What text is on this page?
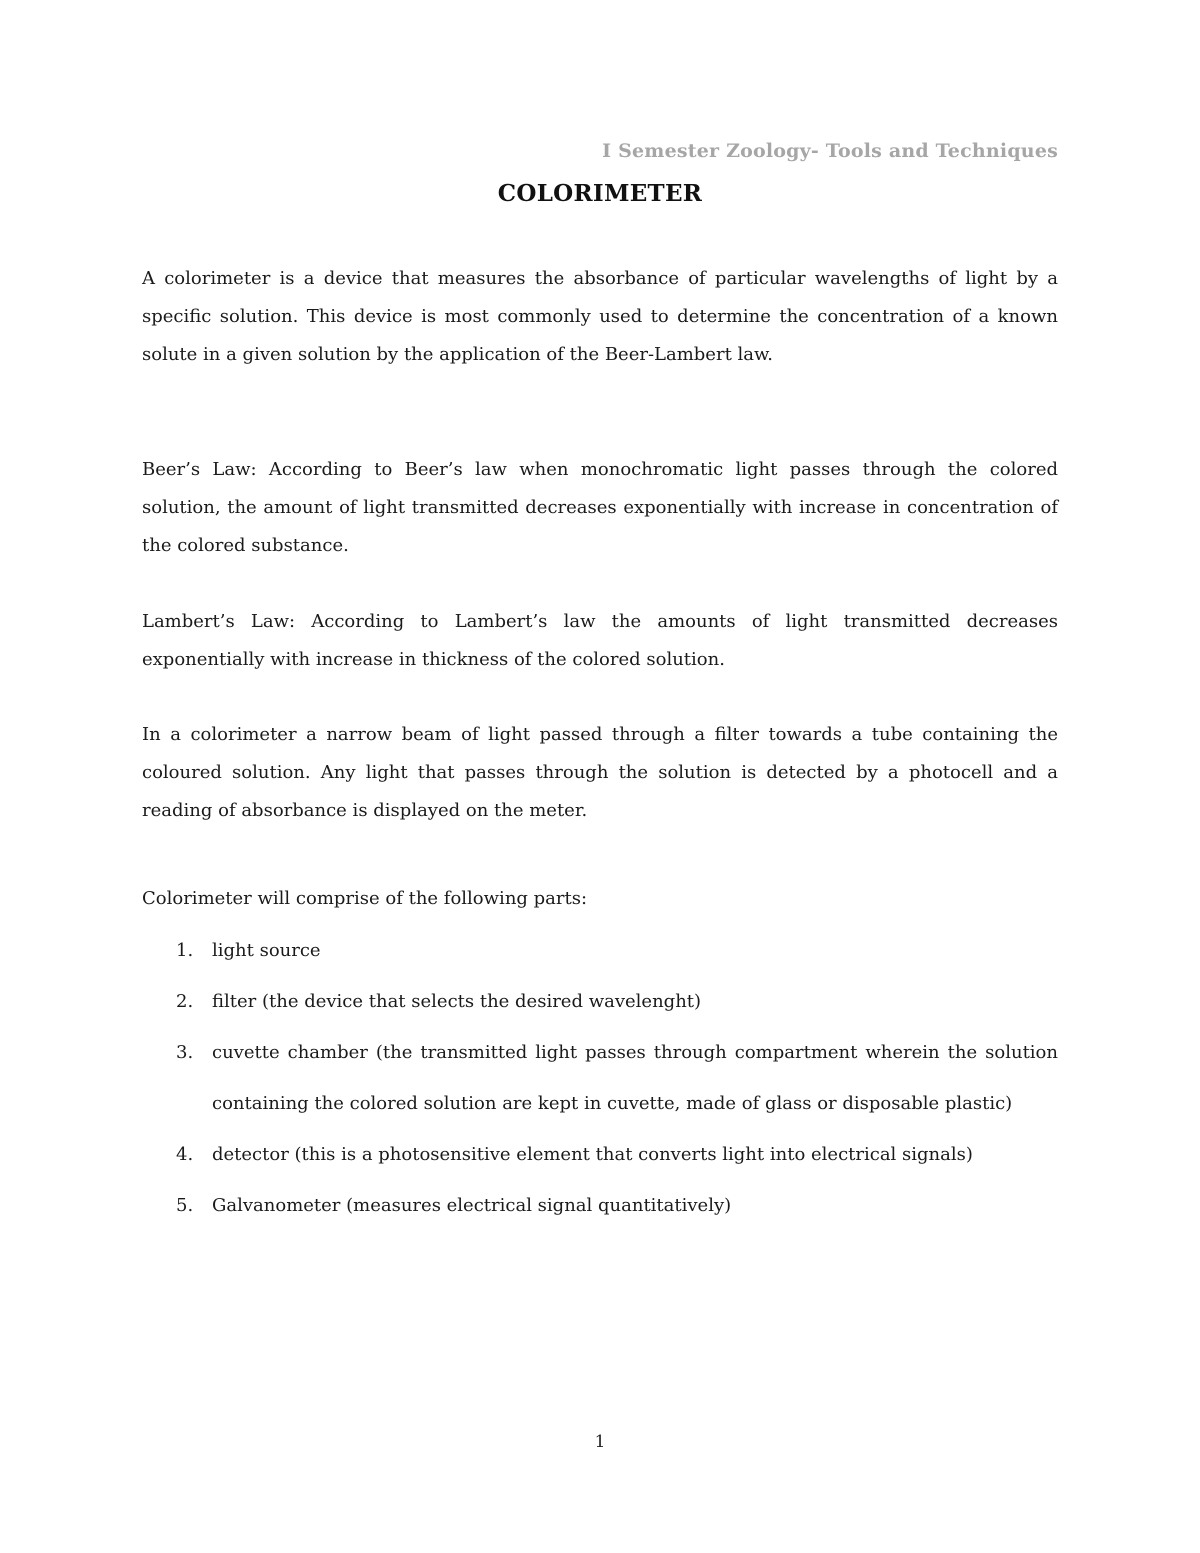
I Semester Zoology- Tools and Techniques
COLORIMETER

A colorimeter is a device that measures the absorbance of particular wavelengths of light by a specific solution. This device is most commonly used to determine the concentration of a known solute in a given solution by the application of the Beer-Lambert law.

Beer’s Law: According to Beer’s law when monochromatic light passes through the colored solution, the amount of light transmitted decreases exponentially with increase in concentration of the colored substance.

Lambert’s Law: According to Lambert’s law the amounts of light transmitted decreases exponentially with increase in thickness of the colored solution.

In a colorimeter a narrow beam of light passed through a filter towards a tube containing the coloured solution. Any light that passes through the solution is detected by a photocell and a reading of absorbance is displayed on the meter.

Colorimeter will comprise of the following parts:

1. light source
2. filter (the device that selects the desired wavelenght)
3. cuvette chamber (the transmitted light passes through compartment wherein the solution containing the colored solution are kept in cuvette, made of glass or disposable plastic)
4. detector (this is a photosensitive element that converts light into electrical signals)
5. Galvanometer (measures electrical signal quantitatively)
1
